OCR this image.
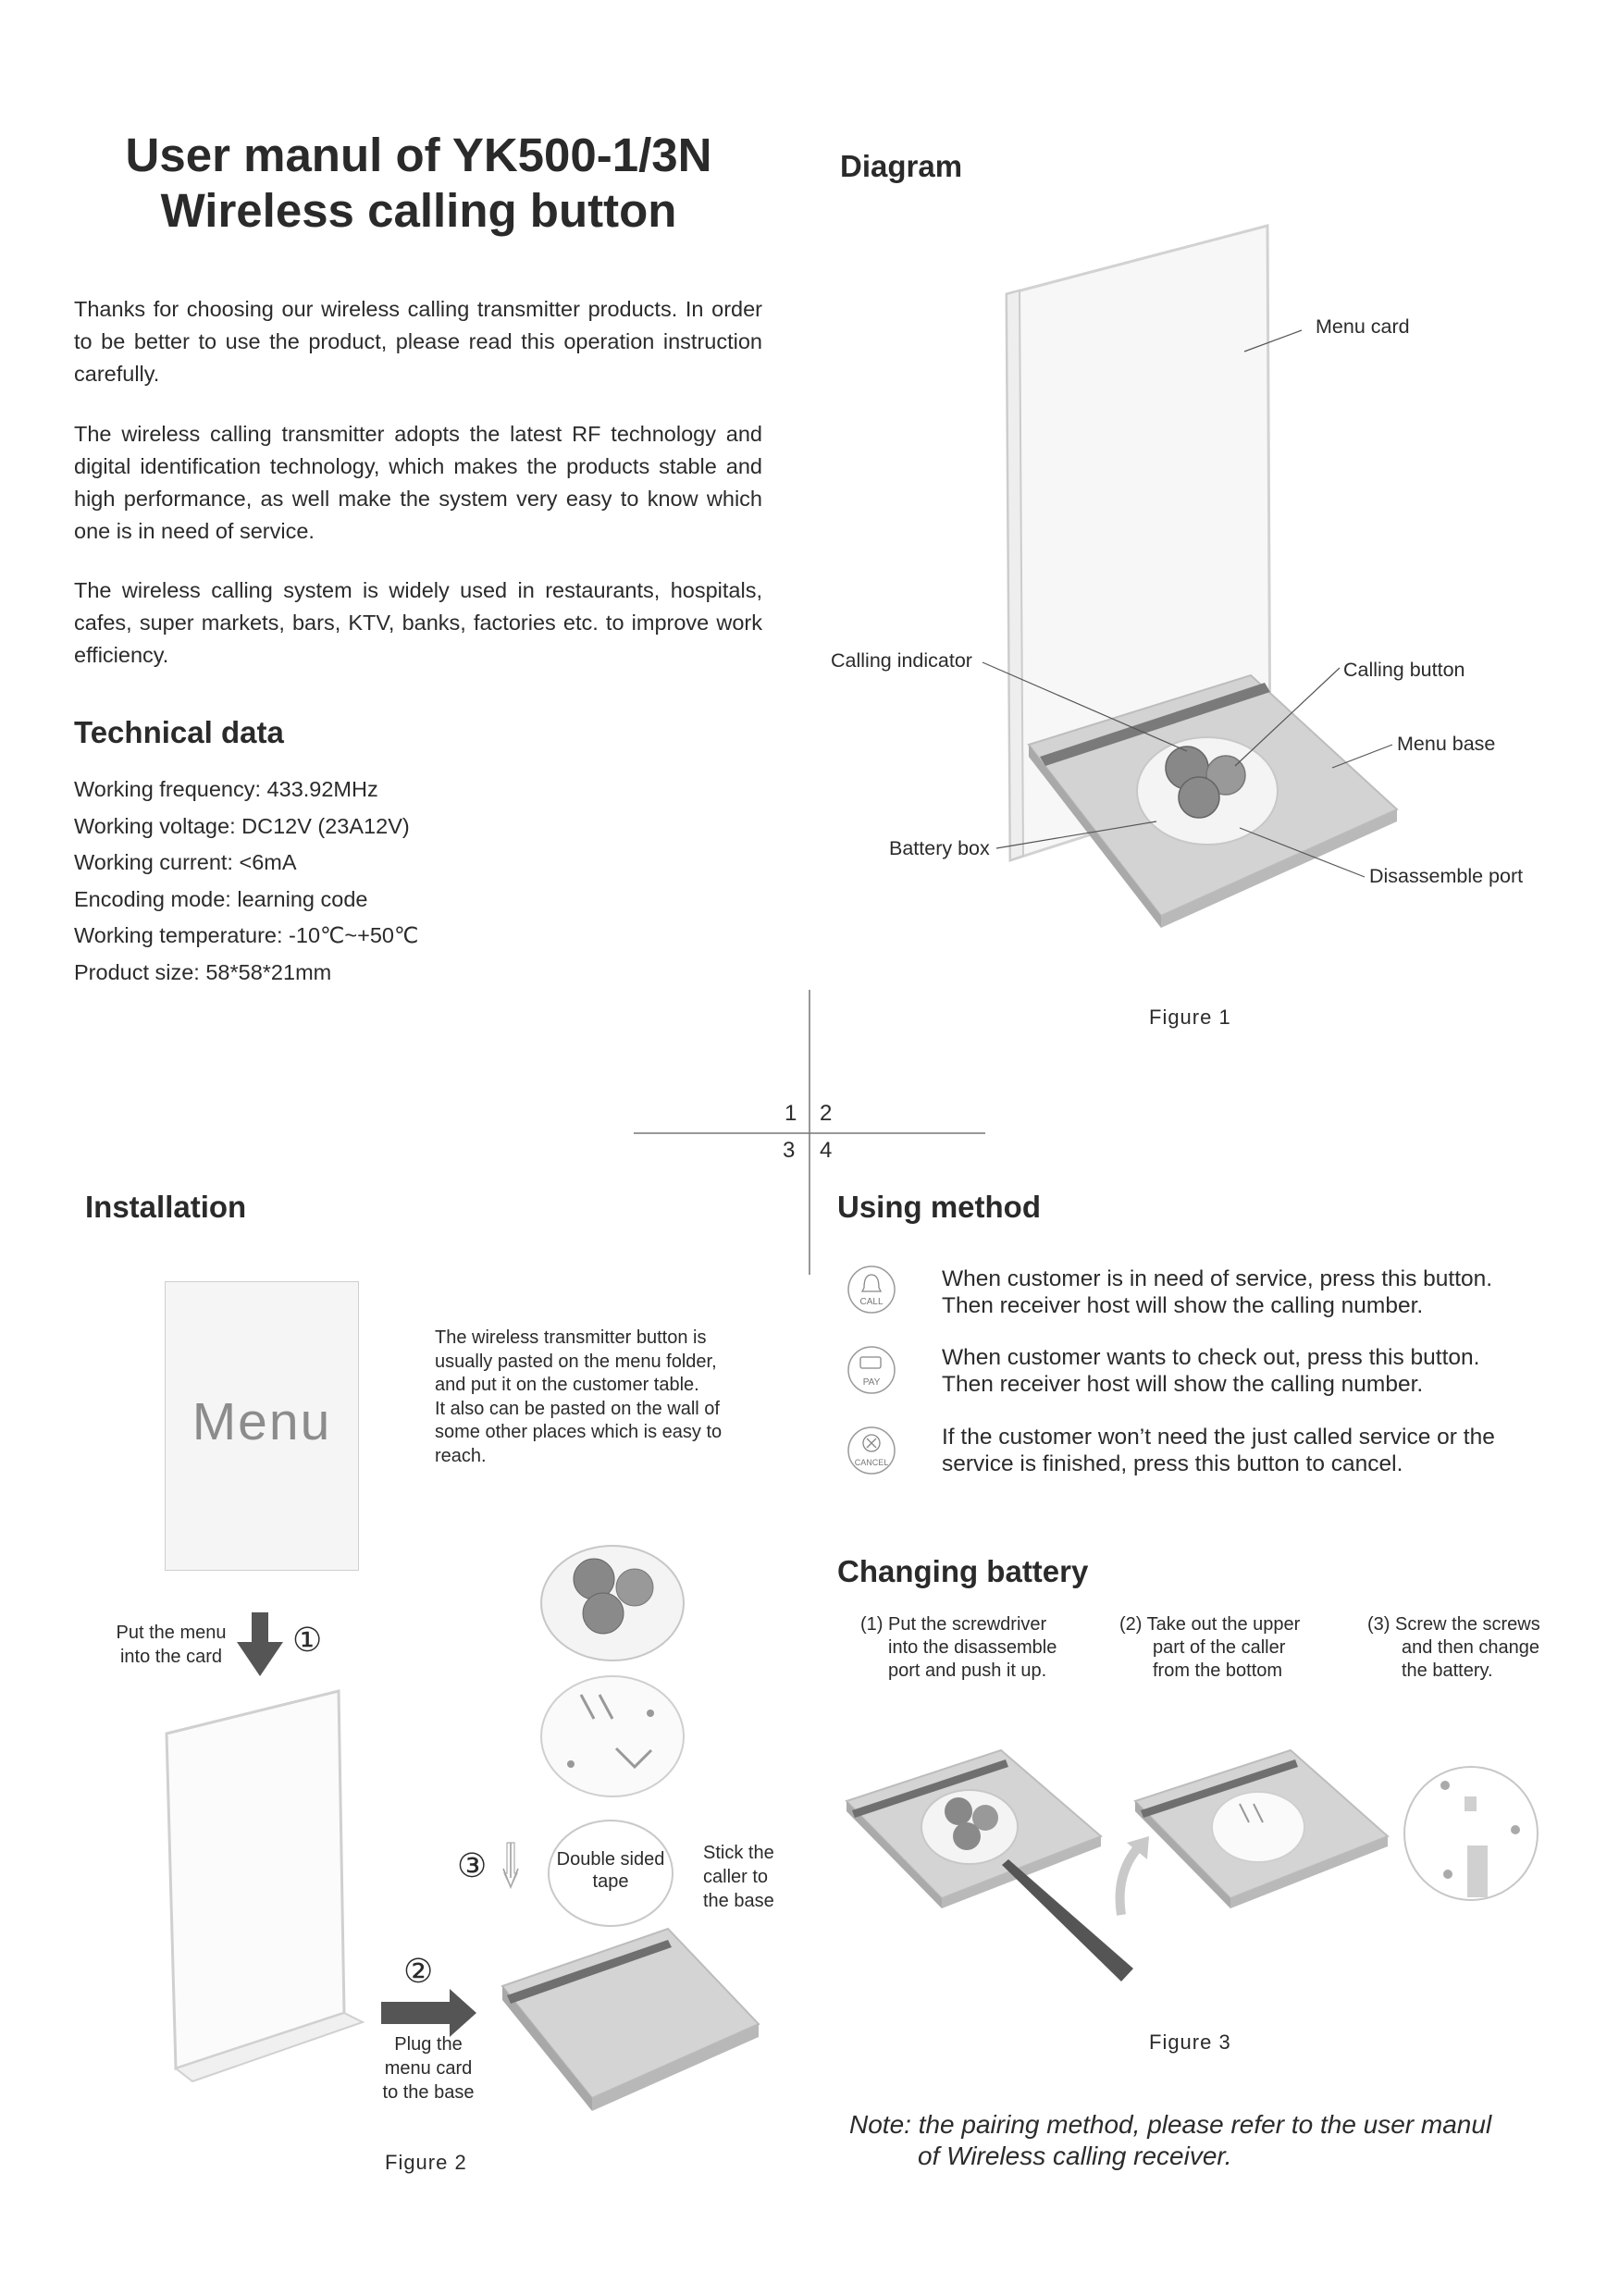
User manul of YK500-1/3N
Wireless calling button
Thanks for choosing our wireless calling transmitter products. In order to be better to use the product, please read this operation instruction carefully.
The wireless calling transmitter adopts the latest RF technology and digital identification technology, which makes the products stable and high performance, as well make the system very easy to know which one is in need of service.
The wireless calling system is widely used in restaurants, hospitals, cafes, super markets, bars, KTV, banks, factories etc. to improve work efficiency.
Technical data
Working frequency: 433.92MHz
Working voltage: DC12V (23A12V)
Working current: <6mA
Encoding mode: learning code
Working temperature: -10℃~+50℃
Product size: 58*58*21mm
Diagram
Menu card
Calling indicator	Calling button
Menu base
Battery box
Disassemble port
Figure 1
1 2
3 4
Installation
Menu
The wireless transmitter button is
usually pasted on the menu folder,
and put it on the customer table.
It also can be pasted on the wall of
some other places which is easy to
reach.
①
Put the menu
into the card
②
Plug the
menu card
to the base
③	Double sided
tape
Stick the
caller to
the base
Figure 2
Using method
CALL
PAY
CANCEL
When customer is in need of service, press this button.
Then receiver host will show the calling number.
When customer wants to check out, press this button.
Then receiver host will show the calling number.
If the customer won’t need the just called service or the
service is finished, press this button to cancel.
Changing battery
(1) Put the screwdriver
into the disassemble
port and push it up.
(2) Take out the upper
part of the caller
from the bottom
(3) Screw the screws
and then change
the battery.
Figure 3
Note: the pairing method, please refer to the user manul
of Wireless calling receiver.
